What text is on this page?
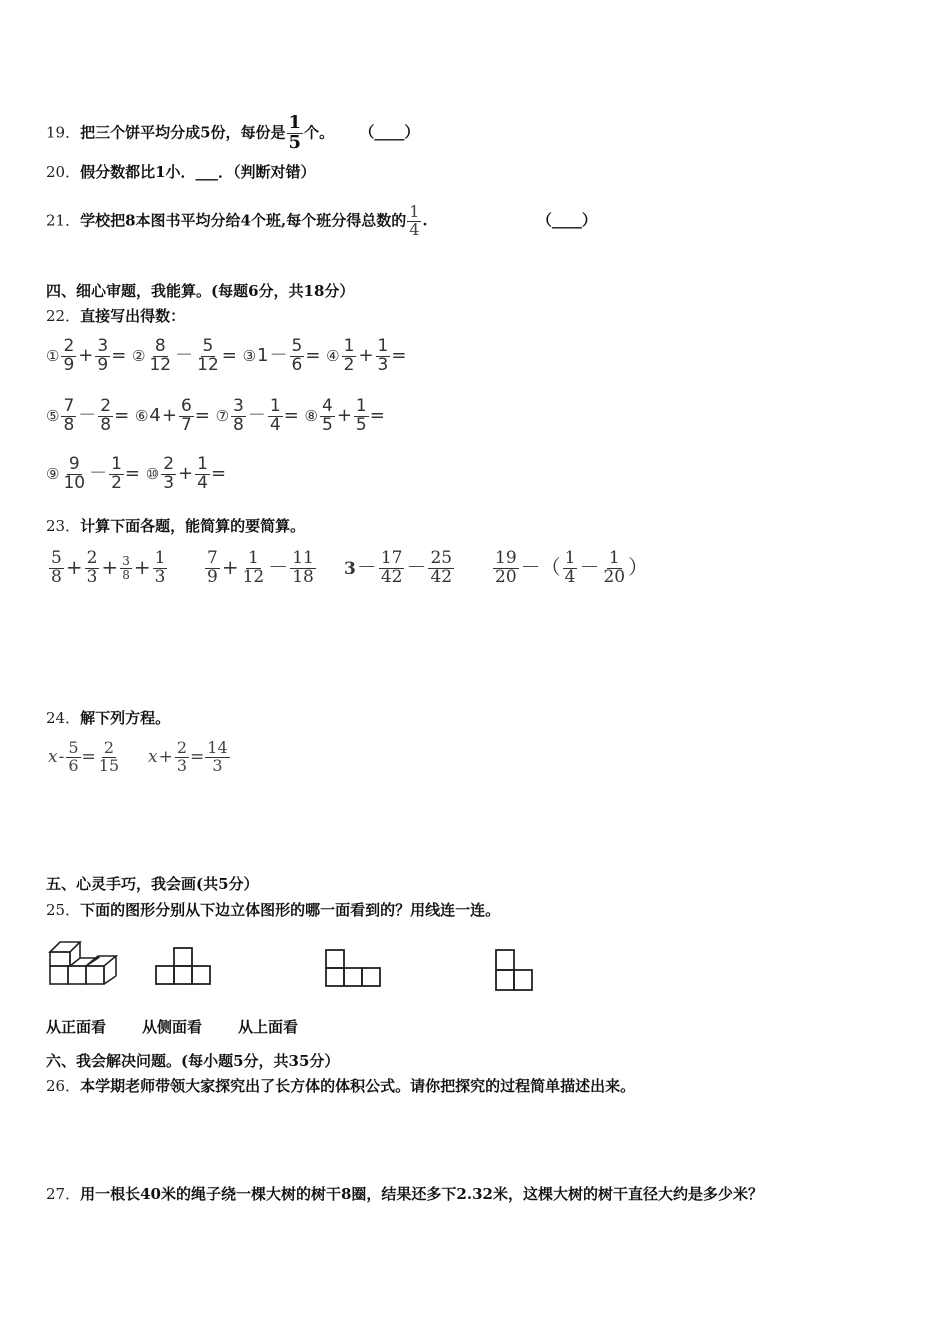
19．把三个饼平均分成5份，每份是 $\frac{1}{5}$ 个。 （____）
20．假分数都比1小．___．（判断对错）
21．学校把8本图书平均分给4个班,每个班分得总数的 $\frac{1}{4}$ .	（____）
四、细心审题，我能算。(每题6分，共18分）
22．直接写出得数：
① $\frac{2}{9} + \frac{3}{9}$ = ② $\frac{8}{12} - \frac{5}{12}$ = ③1－ $\frac{5}{6}$ = ④ $\frac{1}{2} + \frac{1}{3}$ =
⑤ $\frac{7}{8} - \frac{2}{8}$ = ⑥4+ $\frac{6}{7}$ = ⑦ $\frac{3}{8} - \frac{1}{4}$ = ⑧ $\frac{4}{5} + \frac{1}{5}$ =
⑨ $\frac{9}{10} - \frac{1}{2}$ = ⑩ $\frac{2}{3} + \frac{1}{4}$ =
23．计算下面各题，能简算的要简算。
$\frac{5}{8} + \frac{2}{3} + \frac{3}{8} + \frac{1}{3} \frac{7}{9} + \frac{1}{12} - \frac{11}{18} 3- \frac{17}{42} - \frac{25}{42} \frac{19}{20}$ －（ $\frac{1}{4} - \frac{1}{20}$ ）
24．解下列方程。
$x- \frac{5}{6} = \frac{2}{15} x+ \frac{2}{3} = \frac{14}{3}$
五、心灵手巧，我会画(共5分）
25．下面的图形分别从下边立体图形的哪一面看到的？用线连一连。
从正面看 从侧面看 从上面看
六、我会解决问题。(每小题5分，共35分）
26．本学期老师带领大家探究出了长方体的体积公式。请你把探究的过程简单描述出来。
27．用一根长40米的绳子绕一棵大树的树干8圈，结果还多下2.32米，这棵大树的树干直径大约是多少米？
